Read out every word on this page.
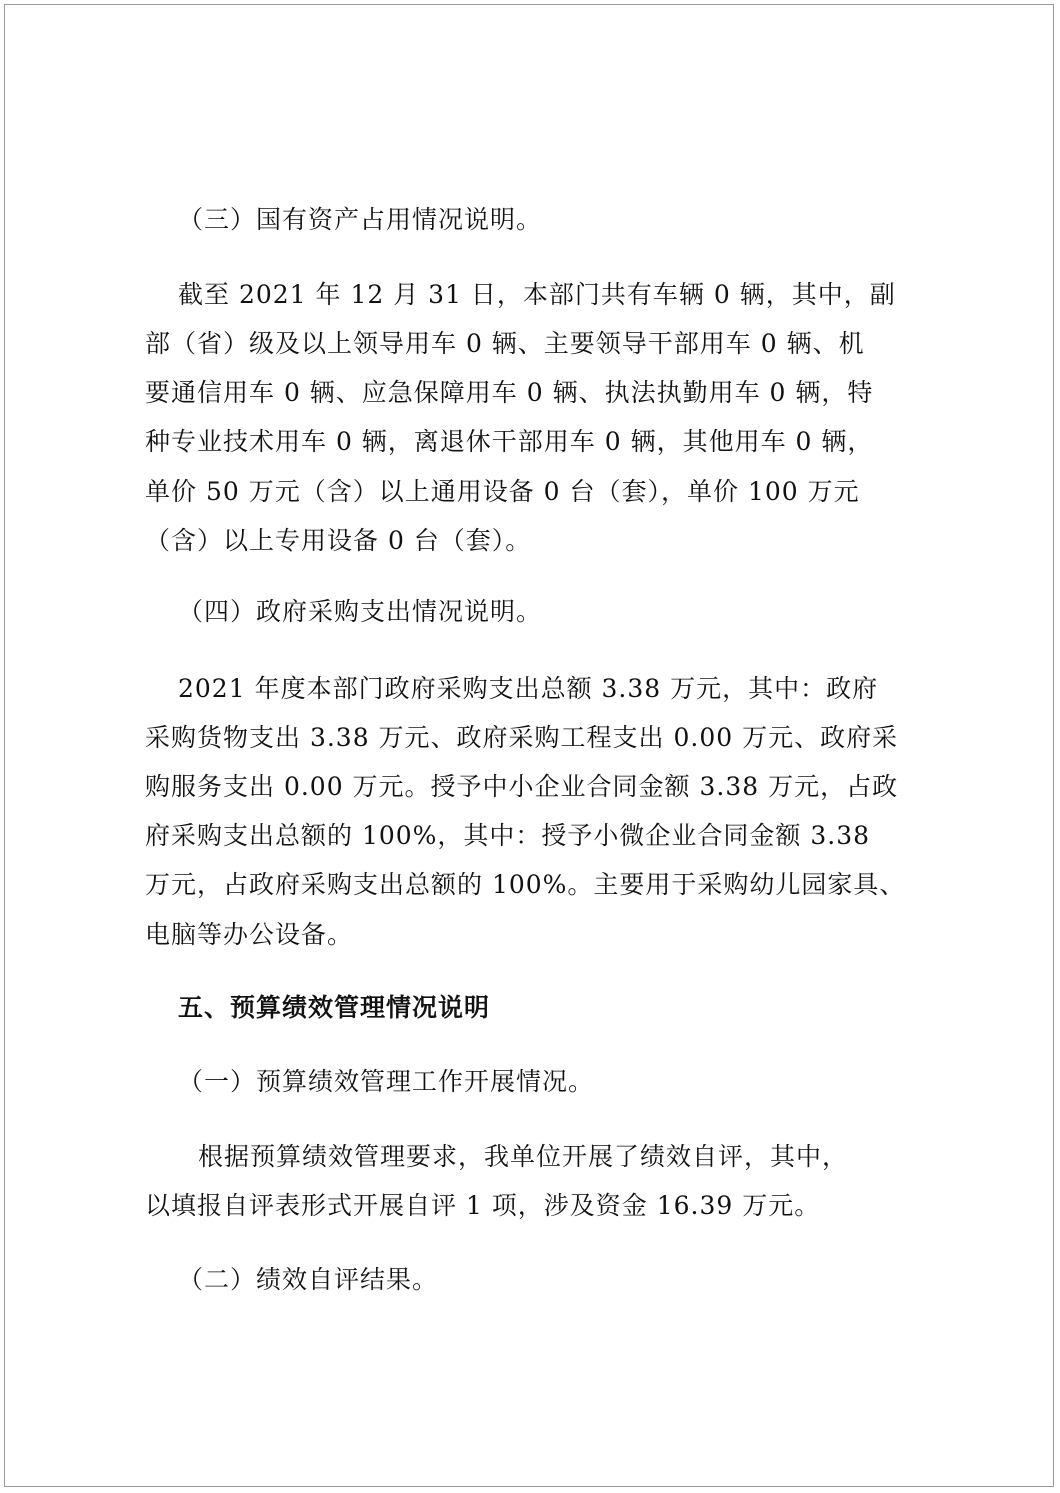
（三）国有资产占用情况说明。
截至 2021 年 12 月 31 日，本部门共有车辆 0 辆，其中，副
部（省）级及以上领导用车 0 辆、主要领导干部用车 0 辆、机
要通信用车 0 辆、应急保障用车 0 辆、执法执勤用车 0 辆，特
种专业技术用车 0 辆，离退休干部用车 0 辆，其他用车 0 辆，
单价 50 万元（含）以上通用设备 0 台（套），单价 100 万元
（含）以上专用设备 0 台（套）。
（四）政府采购支出情况说明。
2021 年度本部门政府采购支出总额 3.38 万元，其中：政府
采购货物支出 3.38 万元、政府采购工程支出 0.00 万元、政府采
购服务支出 0.00 万元。授予中小企业合同金额 3.38 万元，占政
府采购支出总额的 100%，其中：授予小微企业合同金额 3.38
万元，占政府采购支出总额的 100%。主要用于采购幼儿园家具、
电脑等办公设备。
五、预算绩效管理情况说明
（一）预算绩效管理工作开展情况。
根据预算绩效管理要求，我单位开展了绩效自评，其中，
以填报自评表形式开展自评 1 项，涉及资金 16.39 万元。
（二）绩效自评结果。
